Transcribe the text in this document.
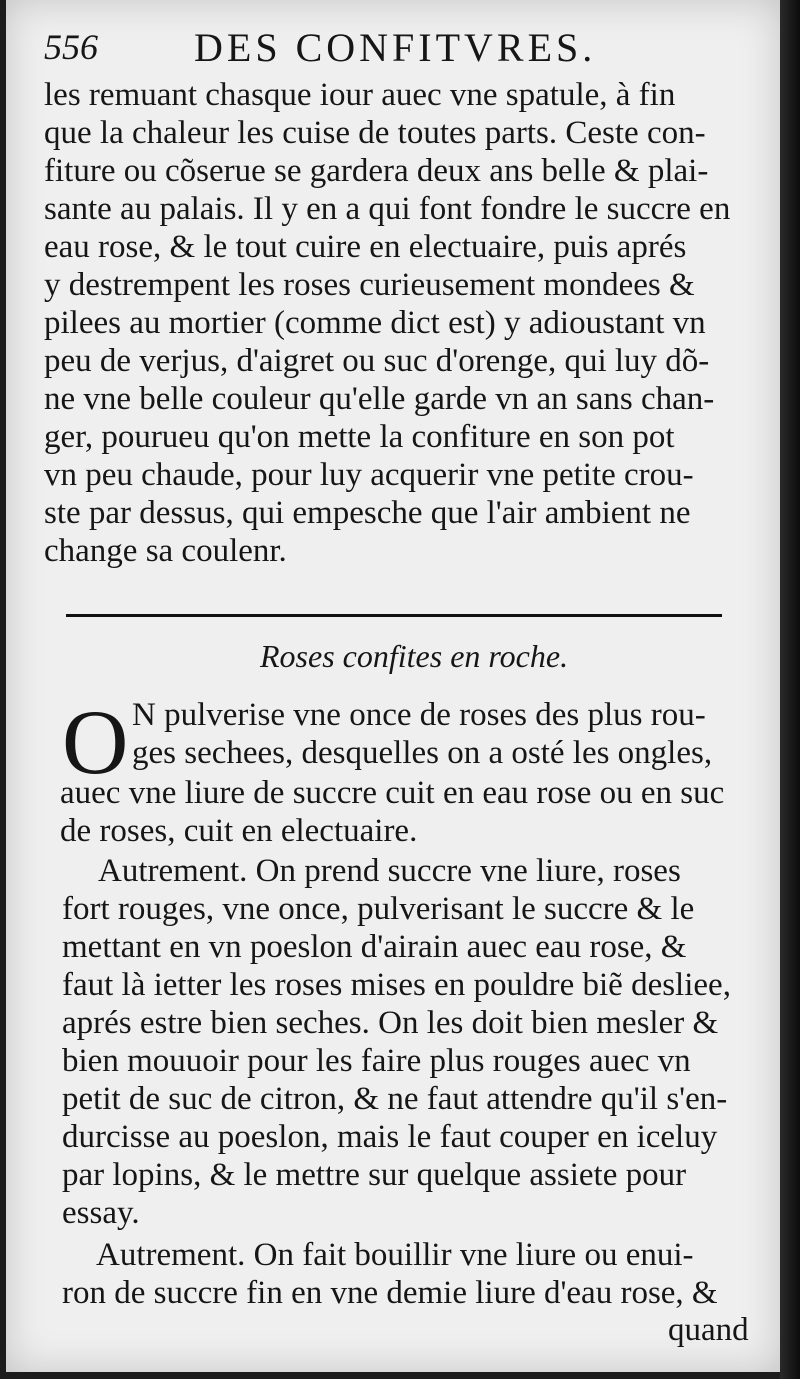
556 DES CONFITVRES.
les remuant chasque iour auec vne spatule, à fin
que la chaleur les cuise de toutes parts. Ceste con-
fiture ou cõserue se gardera deux ans belle & plai-
sante au palais. Il y en a qui font fondre le succre en
eau rose, & le tout cuire en electuaire, puis aprés
y destrempent les roses curieusement mondees &
pilees au mortier (comme dict est) y adioustant vn
peu de verjus, d'aigret ou suc d'orenge, qui luy dõ-
ne vne belle couleur qu'elle garde vn an sans chan-
ger, pourueu qu'on mette la confiture en son pot
vn peu chaude, pour luy acquerir vne petite crou-
ste par dessus, qui empesche que l'air ambient ne
change sa coulenr.
Roses confites en roche.
O N pulverise vne once de roses des plus rou-
ges sechees, desquelles on a osté les ongles,
auec vne liure de succre cuit en eau rose ou en suc
de roses, cuit en electuaire.
Autrement. On prend succre vne liure, roses
fort rouges, vne once, pulverisant le succre & le
mettant en vn poeslon d'airain auec eau rose, &
faut là ietter les roses mises en pouldre biẽ desliee,
aprés estre bien seches. On les doit bien mesler &
bien mouuoir pour les faire plus rouges auec vn
petit de suc de citron, & ne faut attendre qu'il s'en-
durcisse au poeslon, mais le faut couper en iceluy
par lopins, & le mettre sur quelque assiete pour
essay.
Autrement. On fait bouillir vne liure ou enui-
ron de succre fin en vne demie liure d'eau rose, &
quand
